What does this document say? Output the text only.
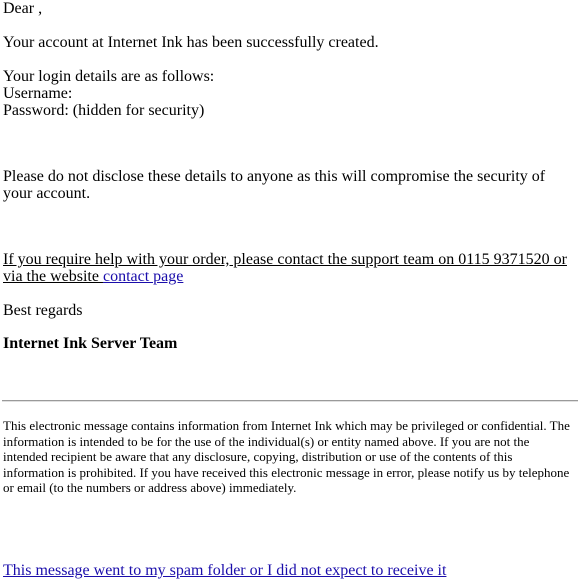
Dear ,
Your account at Internet Ink has been successfully created.
Your login details are as follows:
Username:
Password: (hidden for security)
Please do not disclose these details to anyone as this will compromise the security of your account.
If you require help with your order, please contact the support team on 0115 9371520 or via the website contact page
Best regards
Internet Ink Server Team
This electronic message contains information from Internet Ink which may be privileged or confidential. The information is intended to be for the use of the individual(s) or entity named above. If you are not the intended recipient be aware that any disclosure, copying, distribution or use of the contents of this information is prohibited. If you have received this electronic message in error, please notify us by telephone or email (to the numbers or address above) immediately.
This message went to my spam folder or I did not expect to receive it
